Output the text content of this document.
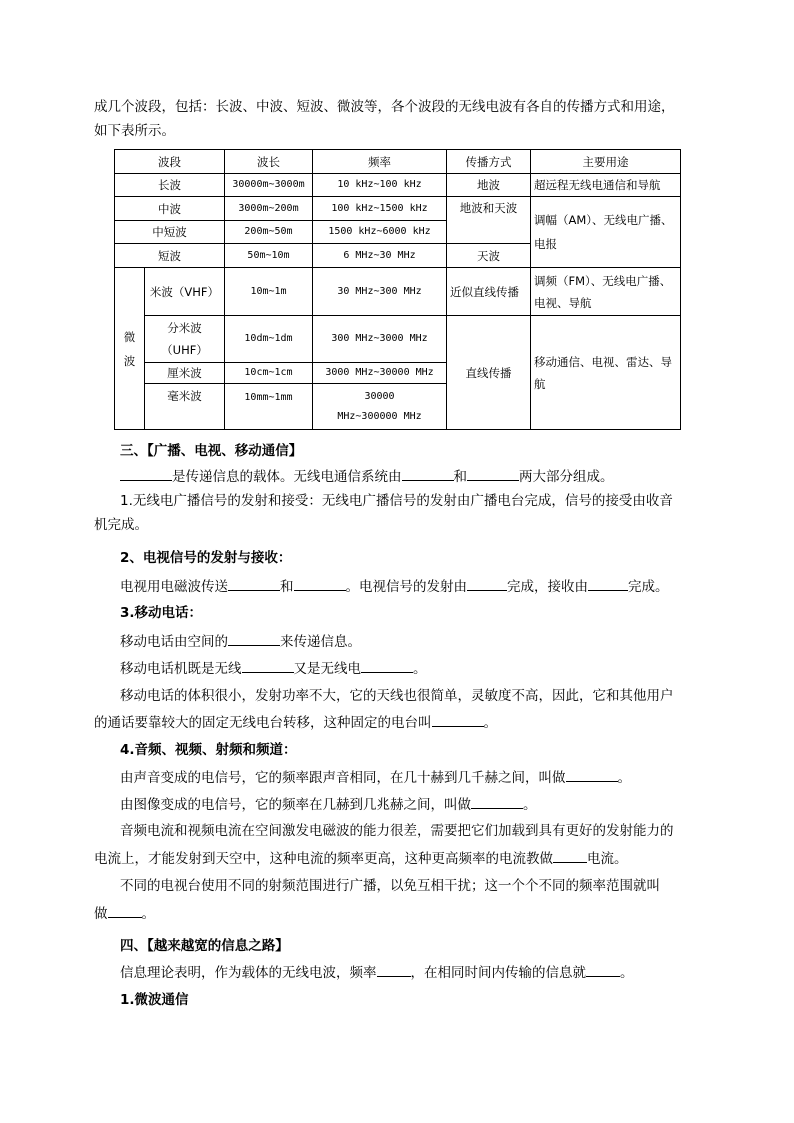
成几个波段，包括：长波、中波、短波、微波等，各个波段的无线电波有各自的传播方式和用途，
如下表所示。
波段		波长	频率	传播方式	主要用途
长波		30000m~3000m	10 kHz~100 kHz	地波	超远程无线电通信和导航
中波		3000m~200m	100 kHz~1500 kHz	地波和天波	调幅（AM）、无线电广播、电报
中短波		200m~50m	1500 kHz~6000 kHz		
短波		50m~10m	6 MHz~30 MHz	天波	
微波	米波（VHF）	10m~1m	30 MHz~300 MHz	近似直线传播	调频（FM）、无线电广播、电视、导航
	分米波（UHF）	10dm~1dm	300 MHz~3000 MHz	直线传播	移动通信、电视、雷达、导航
	厘米波	10cm~1cm	3000 MHz~30000 MHz		
	毫米波	10mm~1mm	30000 MHz~300000 MHz		
三、【广播、电视、移动通信】
是传递信息的载体。无线电通信系统由	和	两大部分组成。
1.无线电广播信号的发射和接受：无线电广播信号的发射由广播电台完成，信号的接受由收音
机完成。
2、电视信号的发射与接收：
电视用电磁波传送	和	。电视信号的发射由	完成，接收由	完成。
3.移动电话：
移动电话由空间的	来传递信息。
移动电话机既是无线	又是无线电	。
移动电话的体积很小，发射功率不大，它的天线也很简单，灵敏度不高，因此，它和其他用户
的通话要靠较大的固定无线电台转移，这种固定的电台叫	。
4.音频、视频、射频和频道：
由声音变成的电信号，它的频率跟声音相同，在几十赫到几千赫之间，叫做	。
由图像变成的电信号，它的频率在几赫到几兆赫之间，叫做	。
音频电流和视频电流在空间激发电磁波的能力很差，需要把它们加载到具有更好的发射能力的
电流上，才能发射到天空中，这种电流的频率更高，这种更高频率的电流教做	电流。
不同的电视台使用不同的射频范围进行广播，以免互相干扰；这一个个不同的频率范围就叫
做	。
四、【越来越宽的信息之路】
信息理论表明，作为载体的无线电波，频率	，在相同时间内传输的信息就	。
1.微波通信
